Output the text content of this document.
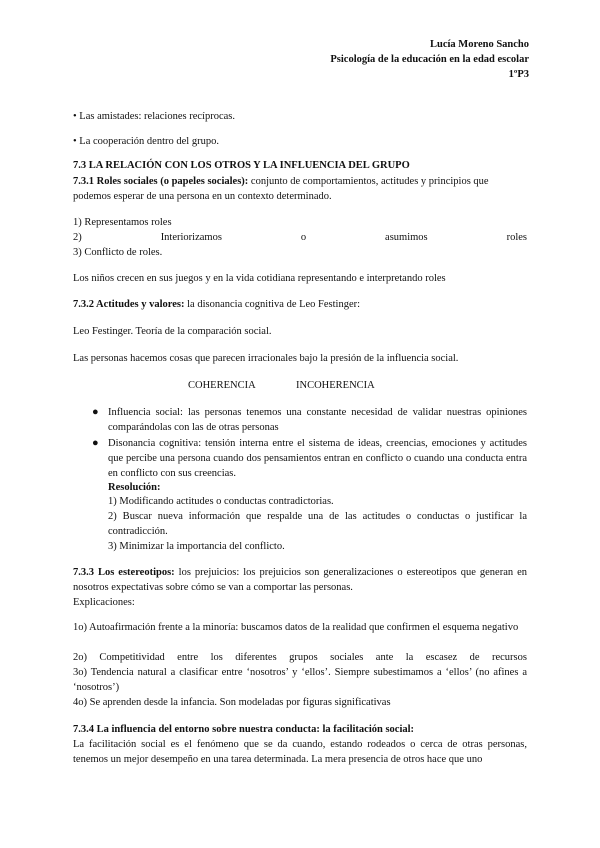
Lucía Moreno Sancho
Psicología de la educación en la edad escolar
1ºP3
• Las amistades: relaciones recíprocas.
• La cooperación dentro del grupo.
7.3 LA RELACIÓN CON LOS OTROS Y LA INFLUENCIA DEL GRUPO
7.3.1 Roles sociales (o papeles sociales): conjunto de comportamientos, actitudes y principios que
podemos esperar de una persona en un contexto determinado.
1) Representamos roles
2)	Interiorizamos	o	asumimos	roles
3) Conflicto de roles.
Los niños crecen en sus juegos y en la vida cotidiana representando e interpretando roles
7.3.2 Actitudes y valores: la disonancia cognitiva de Leo Festinger:
Leo Festinger. Teoría de la comparación social.
Las personas hacemos cosas que parecen irracionales bajo la presión de la influencia social.
COHERENCIA	INCOHERENCIA
● Influencia social: las personas tenemos una constante necesidad de validar nuestras opiniones comparándolas con las de otras personas
● Disonancia cognitiva: tensión interna entre el sistema de ideas, creencias, emociones y actitudes que percibe una persona cuando dos pensamientos entran en conflicto o cuando una conducta entra en conflicto con sus creencias.
Resolución:
1) Modificando actitudes o conductas contradictorias.
2) Buscar nueva información que respalde una de las actitudes o conductas o justificar la contradicción.
3) Minimizar la importancia del conflicto.
7.3.3 Los estereotipos: los prejuicios: los prejuicios son generalizaciones o estereotipos que generan en nosotros expectativas sobre cómo se van a comportar las personas.
Explicaciones:
1o) Autoafirmación frente a la minoría: buscamos datos de la realidad que confirmen el esquema negativo
2o) Competitividad entre los diferentes grupos sociales ante la escasez de recursos
3o) Tendencia natural a clasificar entre ‘nosotros’ y ‘ellos’. Siempre subestimamos a ‘ellos’ (no afines a ‘nosotros’)
4o) Se aprenden desde la infancia. Son modeladas por figuras significativas
7.3.4 La influencia del entorno sobre nuestra conducta: la facilitación social:
La facilitación social es el fenómeno que se da cuando, estando rodeados o cerca de otras personas, tenemos un mejor desempeño en una tarea determinada. La mera presencia de otros hace que uno
